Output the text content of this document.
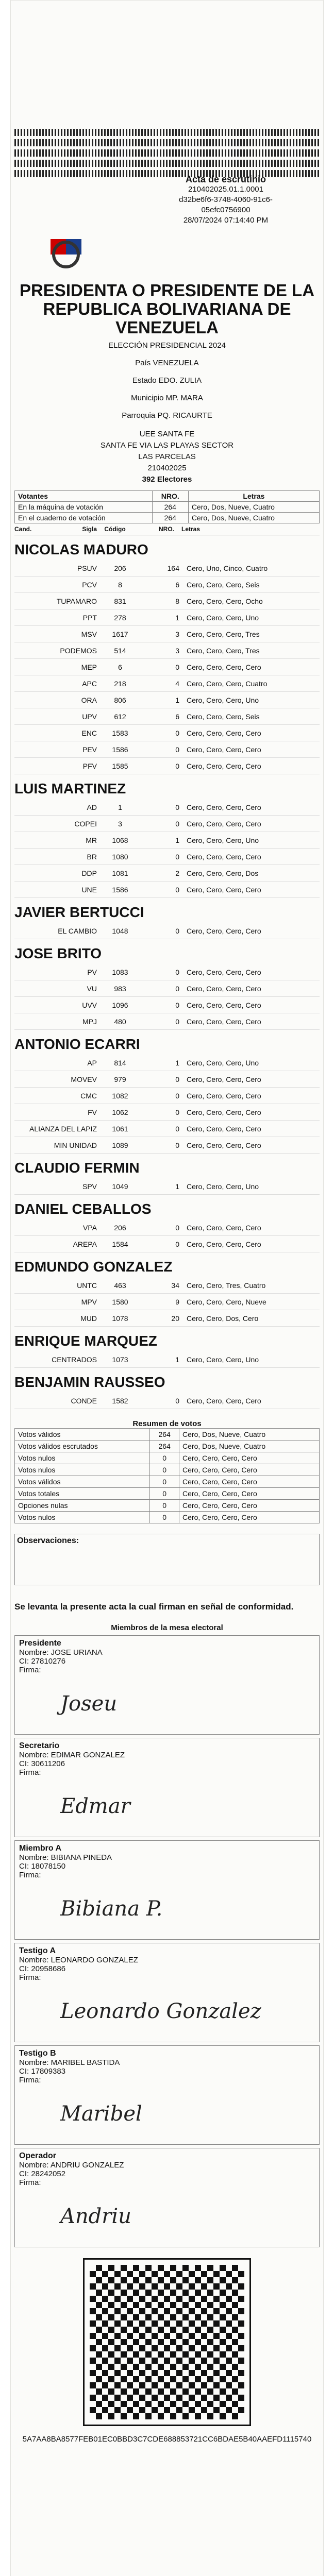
Acta de escrutinio
210402025.01.1.0001
d32be6f6-3748-4060-91c6-
05efc0756900
28/07/2024 07:14:40 PM
PRESIDENTA O PRESIDENTE DE LA REPUBLICA BOLIVARIANA DE VENEZUELA
ELECCIÓN PRESIDENCIAL 2024
País VENEZUELA
Estado EDO. ZULIA
Municipio MP. MARA
Parroquia PQ. RICAURTE
UEE SANTA FE
SANTA FE VIA LAS PLAYAS SECTOR
LAS PARCELAS
210402025
392 Electores
Votantes	NRO.	Letras
En la máquina de votación	264	Cero, Dos, Nueve, Cuatro
En el cuaderno de votación	264	Cero, Dos, Nueve, Cuatro
Cand.	Sigla	Código	NRO.	Letras
NICOLAS MADURO
PSUV	206	164	Cero, Uno, Cinco, Cuatro
PCV	8	6	Cero, Cero, Cero, Seis
TUPAMARO	831	8	Cero, Cero, Cero, Ocho
PPT	278	1	Cero, Cero, Cero, Uno
MSV	1617	3	Cero, Cero, Cero, Tres
PODEMOS	514	3	Cero, Cero, Cero, Tres
MEP	6	0	Cero, Cero, Cero, Cero
APC	218	4	Cero, Cero, Cero, Cuatro
ORA	806	1	Cero, Cero, Cero, Uno
UPV	612	6	Cero, Cero, Cero, Seis
ENC	1583	0	Cero, Cero, Cero, Cero
PEV	1586	0	Cero, Cero, Cero, Cero
PFV	1585	0	Cero, Cero, Cero, Cero
LUIS MARTINEZ
AD	1	0	Cero, Cero, Cero, Cero
COPEI	3	0	Cero, Cero, Cero, Cero
MR	1068	1	Cero, Cero, Cero, Uno
BR	1080	0	Cero, Cero, Cero, Cero
DDP	1081	2	Cero, Cero, Cero, Dos
UNE	1586	0	Cero, Cero, Cero, Cero
JAVIER BERTUCCI
EL CAMBIO	1048	0	Cero, Cero, Cero, Cero
JOSE BRITO
PV	1083	0	Cero, Cero, Cero, Cero
VU	983	0	Cero, Cero, Cero, Cero
UVV	1096	0	Cero, Cero, Cero, Cero
MPJ	480	0	Cero, Cero, Cero, Cero
ANTONIO ECARRI
AP	814	1	Cero, Cero, Cero, Uno
MOVEV	979	0	Cero, Cero, Cero, Cero
CMC	1082	0	Cero, Cero, Cero, Cero
FV	1062	0	Cero, Cero, Cero, Cero
ALIANZA DEL LAPIZ	1061	0	Cero, Cero, Cero, Cero
MIN UNIDAD	1089	0	Cero, Cero, Cero, Cero
CLAUDIO FERMIN
SPV	1049	1	Cero, Cero, Cero, Uno
DANIEL CEBALLOS
VPA	206	0	Cero, Cero, Cero, Cero
AREPA	1584	0	Cero, Cero, Cero, Cero
EDMUNDO GONZALEZ
UNTC	463	34	Cero, Cero, Tres, Cuatro
MPV	1580	9	Cero, Cero, Cero, Nueve
MUD	1078	20	Cero, Cero, Dos, Cero
ENRIQUE MARQUEZ
CENTRADOS	1073	1	Cero, Cero, Cero, Uno
BENJAMIN RAUSSEO
CONDE	1582	0	Cero, Cero, Cero, Cero
Resumen de votos
Votos válidos	264	Cero, Dos, Nueve, Cuatro
Votos válidos escrutados	264	Cero, Dos, Nueve, Cuatro
Votos nulos	0	Cero, Cero, Cero, Cero
Votos nulos	0	Cero, Cero, Cero, Cero
Votos válidos	0	Cero, Cero, Cero, Cero
Votos totales	0	Cero, Cero, Cero, Cero
Opciones nulas	0	Cero, Cero, Cero, Cero
Votos nulos	0	Cero, Cero, Cero, Cero
Observaciones:
Se levanta la presente acta la cual firman en señal de conformidad.
Miembros de la mesa electoral
Presidente
Nombre: JOSE URIANA
CI: 27810276
Firma:
Joseu
Secretario
Nombre: EDIMAR GONZALEZ
CI: 30611206
Firma:
Edmar
Miembro A
Nombre: BIBIANA PINEDA
CI: 18078150
Firma:
Bibiana P.
Testigo A
Nombre: LEONARDO GONZALEZ
CI: 20958686
Firma:
Leonardo Gonzalez
Testigo B
Nombre: MARIBEL BASTIDA
CI: 17809383
Firma:
Maribel
Operador
Nombre: ANDRIU GONZALEZ
CI: 28242052
Firma:
Andriu
5A7AA8BA8577FEB01EC0BBD3C7CDE688853721CC6BDAE5B40AAEFD1115740
